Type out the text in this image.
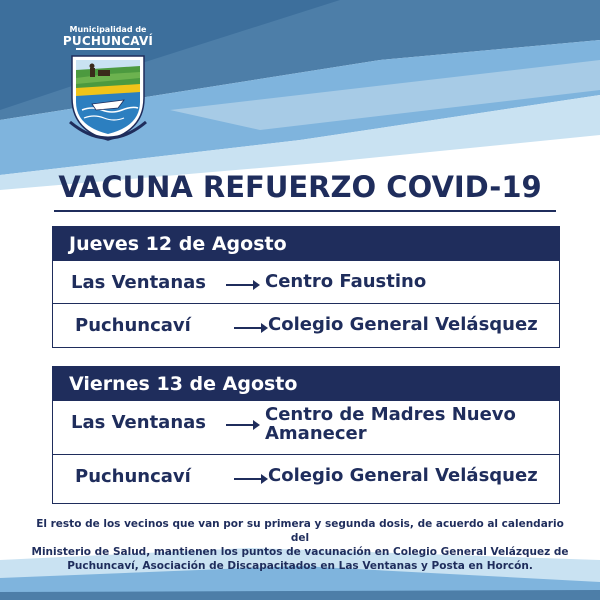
Municipalidad de
PUCHUNCAVÍ
VACUNA REFUERZO COVID-19
Jueves 12 de Agosto
Las Ventanas	Centro Faustino
Puchuncaví	Colegio General Velásquez
Viernes 13 de Agosto
Las Ventanas	Centro de Madres Nuevo
Amanecer
Puchuncaví	Colegio General Velásquez
El resto de los vecinos que van por su primera y segunda dosis, de acuerdo al calendario del
Ministerio de Salud, mantienen los puntos de vacunación en Colegio General Velázquez de
Puchuncaví, Asociación de Discapacitados en Las Ventanas y Posta en Horcón.
